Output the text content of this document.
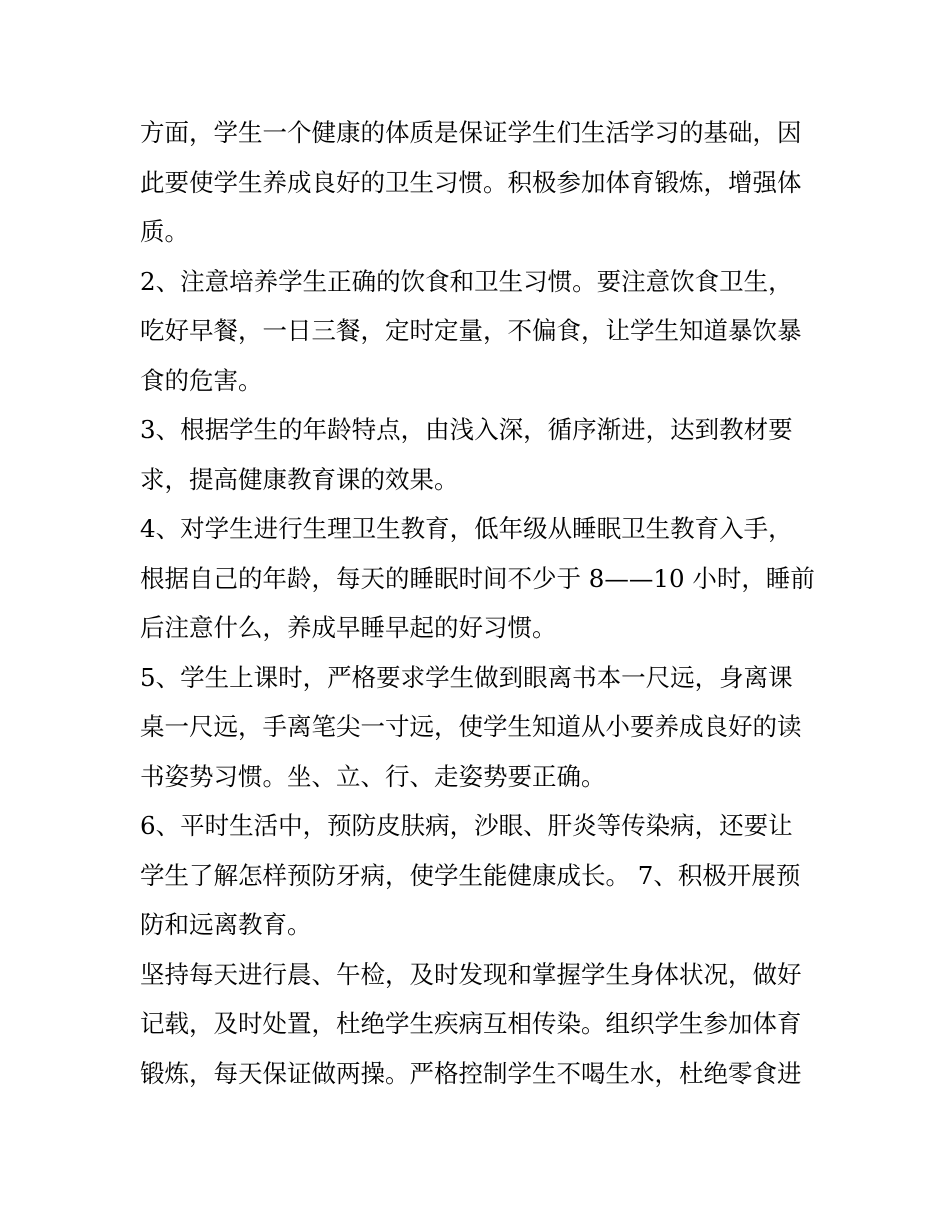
方面，学生一个健康的体质是保证学生们生活学习的基础，因
此要使学生养成良好的卫生习惯。积极参加体育锻炼，增强体
质。

2、注意培养学生正确的饮食和卫生习惯。要注意饮食卫生，
吃好早餐，一日三餐，定时定量，不偏食，让学生知道暴饮暴
食的危害。

3、根据学生的年龄特点，由浅入深，循序渐进，达到教材要
求，提高健康教育课的效果。

4、对学生进行生理卫生教育，低年级从睡眠卫生教育入手，
根据自己的年龄，每天的睡眠时间不少于 8——10 小时，睡前
后注意什么，养成早睡早起的好习惯。

5、学生上课时，严格要求学生做到眼离书本一尺远，身离课
桌一尺远，手离笔尖一寸远，使学生知道从小要养成良好的读
书姿势习惯。坐、立、行、走姿势要正确。

6、平时生活中，预防皮肤病，沙眼、肝炎等传染病，还要让
学生了解怎样预防牙病，使学生能健康成长。 7、积极开展预
防和远离教育。

坚持每天进行晨、午检，及时发现和掌握学生身体状况，做好
记载，及时处置，杜绝学生疾病互相传染。组织学生参加体育
锻炼，每天保证做两操。严格控制学生不喝生水，杜绝零食进
